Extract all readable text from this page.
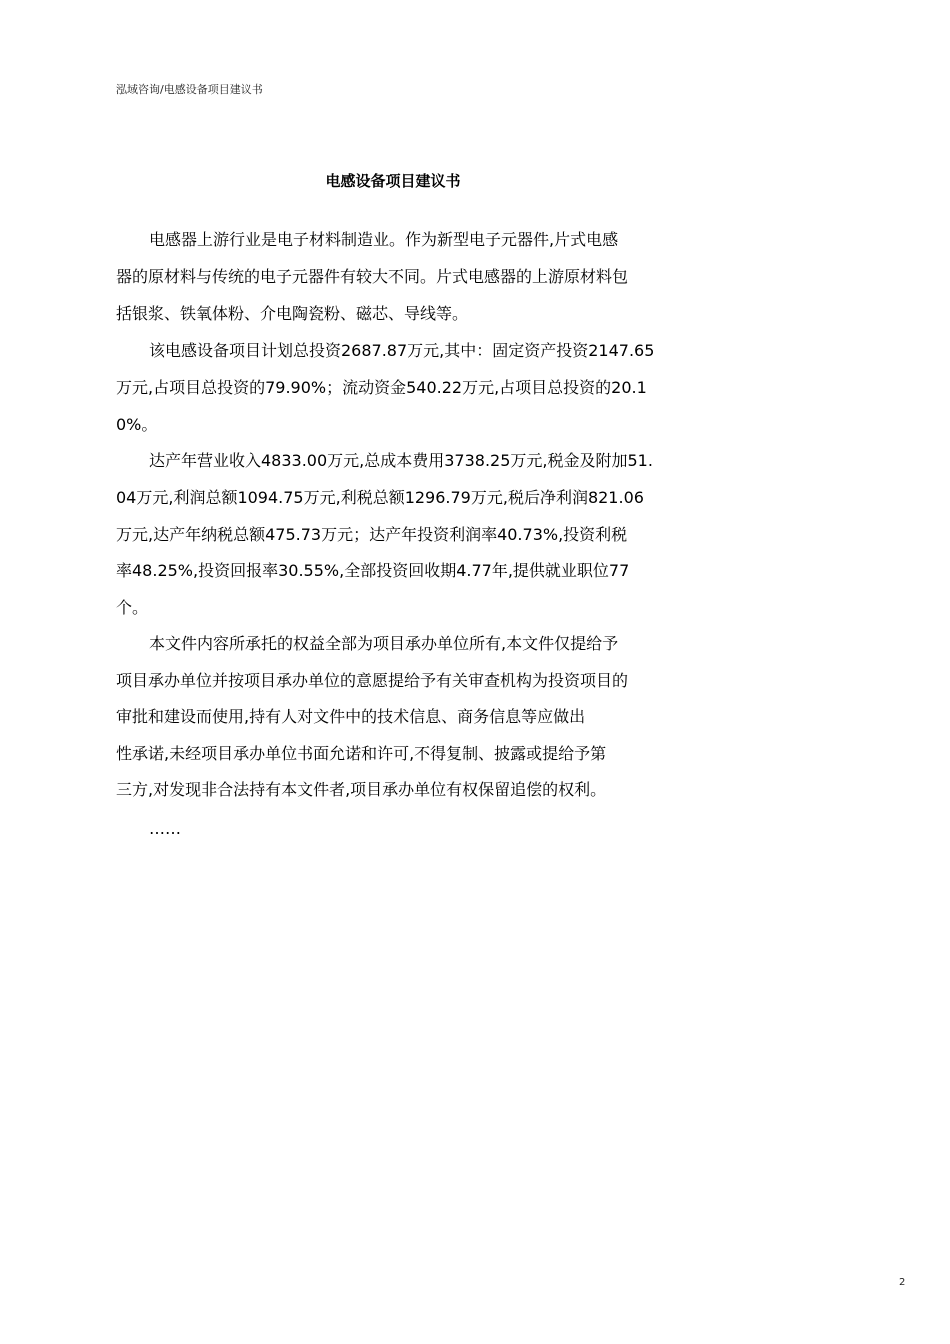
泓域咨询/电感设备项目建议书
电感设备项目建议书
电感器上游行业是电子材料制造业。作为新型电子元器件,片式电感
器的原材料与传统的电子元器件有较大不同。片式电感器的上游原材料包
括银浆、铁氧体粉、介电陶瓷粉、磁芯、导线等。
该电感设备项目计划总投资2687.87万元,其中：固定资产投资2147.65
万元,占项目总投资的79.90%；流动资金540.22万元,占项目总投资的20.1
0%。
达产年营业收入4833.00万元,总成本费用3738.25万元,税金及附加51.
04万元,利润总额1094.75万元,利税总额1296.79万元,税后净利润821.06
万元,达产年纳税总额475.73万元；达产年投资利润率40.73%,投资利税
率48.25%,投资回报率30.55%,全部投资回收期4.77年,提供就业职位77
个。
本文件内容所承托的权益全部为项目承办单位所有,本文件仅提给予
项目承办单位并按项目承办单位的意愿提给予有关审查机构为投资项目的
审批和建设而使用,持有人对文件中的技术信息、商务信息等应做出
性承诺,未经项目承办单位书面允诺和许可,不得复制、披露或提给予第
三方,对发现非合法持有本文件者,项目承办单位有权保留追偿的权利。
……
2
